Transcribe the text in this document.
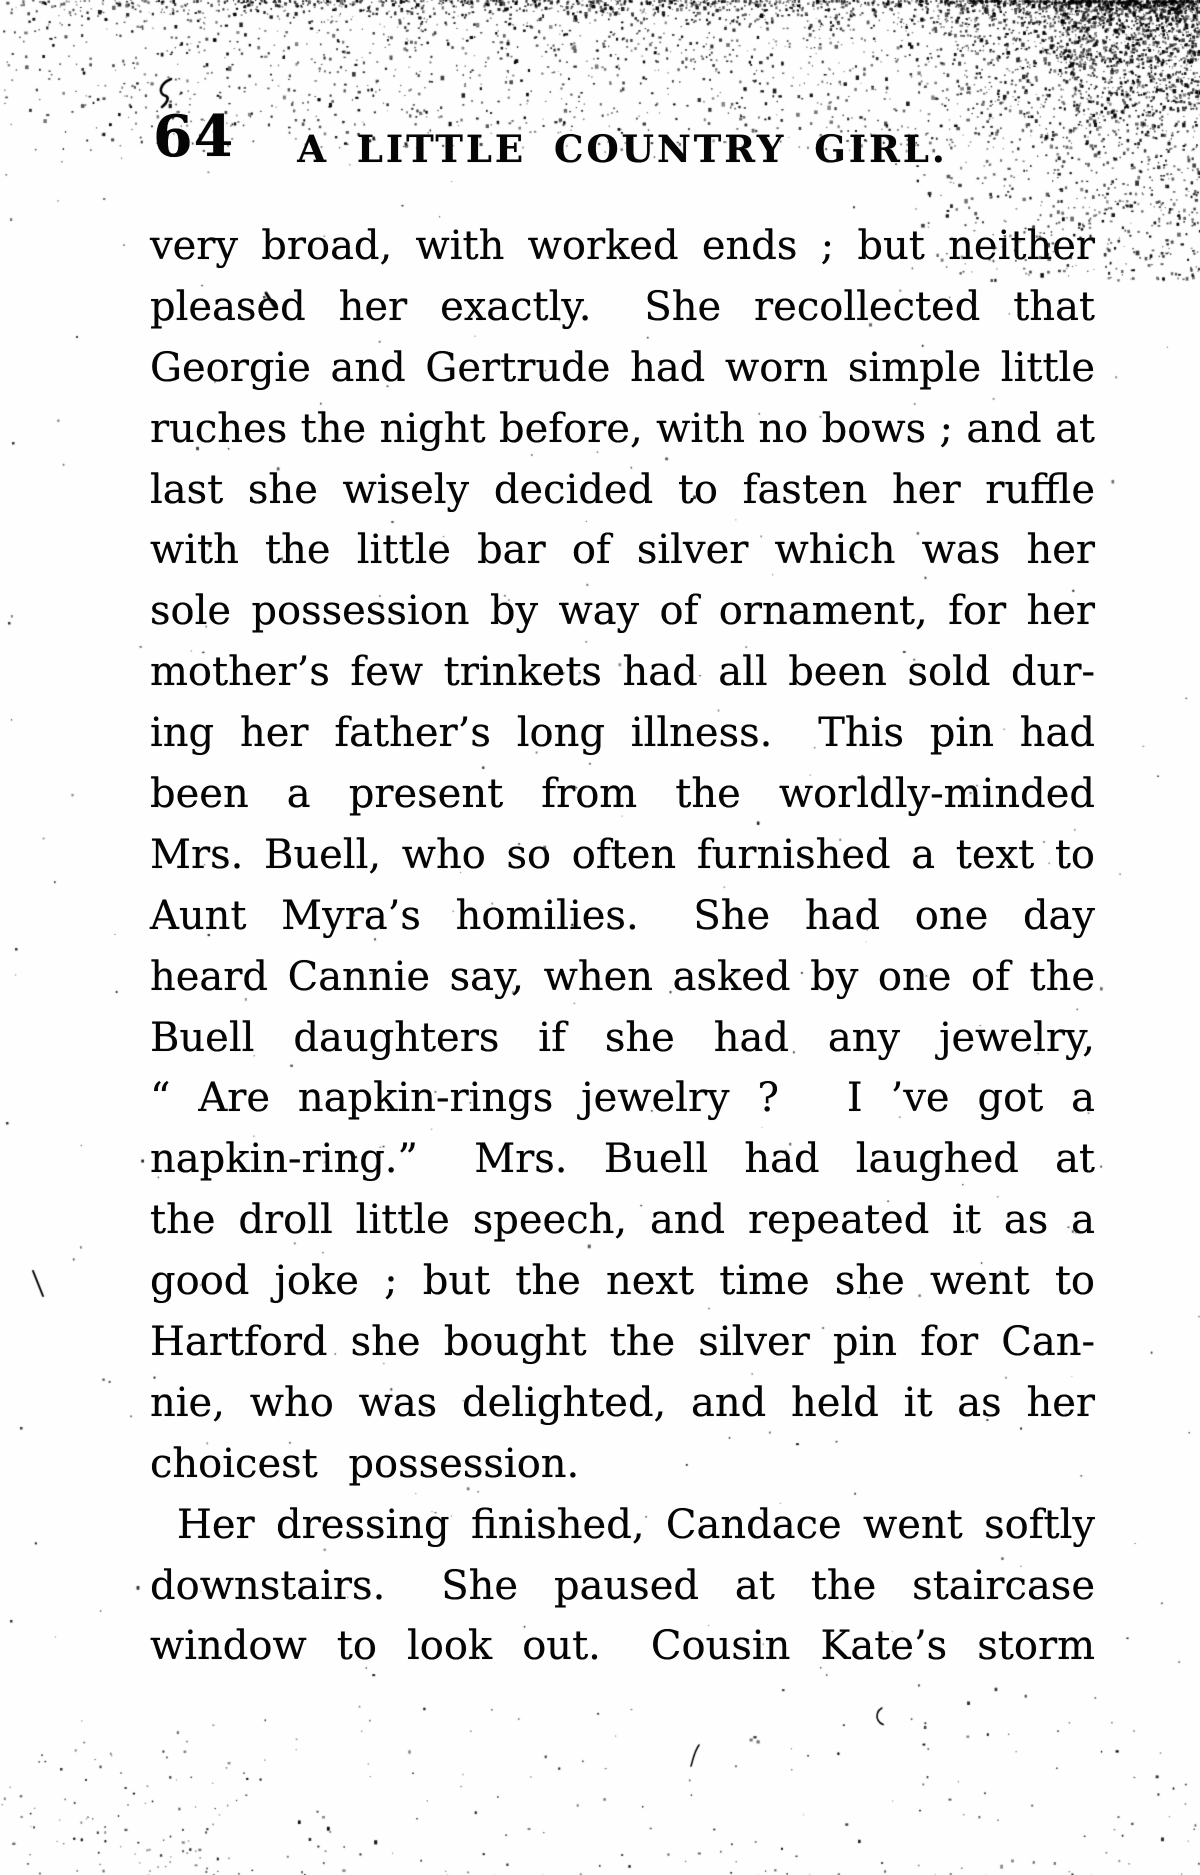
64	A LITTLE COUNTRY GIRL.
very broad, with worked ends ; but neither
pleased her exactly.  She recollected that
Georgie and Gertrude had worn simple little
ruches the night before, with no bows ; and at
last she wisely decided to fasten her ruffle
with the little bar of silver which was her
sole possession by way of ornament, for her
mother’s few trinkets had all been sold dur-
ing her father’s long illness.  This pin had
been a present from the worldly-minded
Mrs. Buell, who so often furnished a text to
Aunt Myra’s homilies.  She had one day
heard Cannie say, when asked by one of the
Buell daughters if she had any jewelry,
“ Are napkin-rings jewelry ?  I ’ve got a
napkin-ring.”  Mrs. Buell had laughed at
the droll little speech, and repeated it as a
good joke ; but the next time she went to
Hartford she bought the silver pin for Can-
nie, who was delighted, and held it as her
choicest possession.
Her dressing finished, Candace went softly
downstairs.  She paused at the staircase
window to look out.  Cousin Kate’s storm
